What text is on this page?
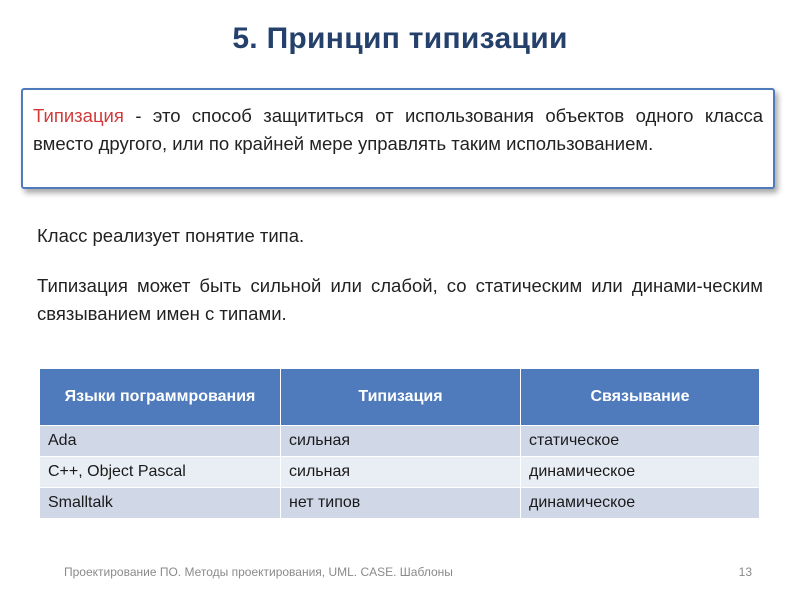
5. Принцип типизации

Типизация - это способ защититься от использования объектов одного класса вместо другого, или по крайней мере управлять таким использованием.

Класс реализует понятие типа.

Типизация может быть сильной или слабой, со статическим или динами-ческим связыванием имен с типами.

Языки пограммрования	Типизация	Связывание
Ada	сильная	статическое
C++, Object Pascal	сильная	динамическое
Smalltalk	нет типов	динамическое
Проектирование ПО. Методы проектирования, UML. CASE. Шаблоны	13
